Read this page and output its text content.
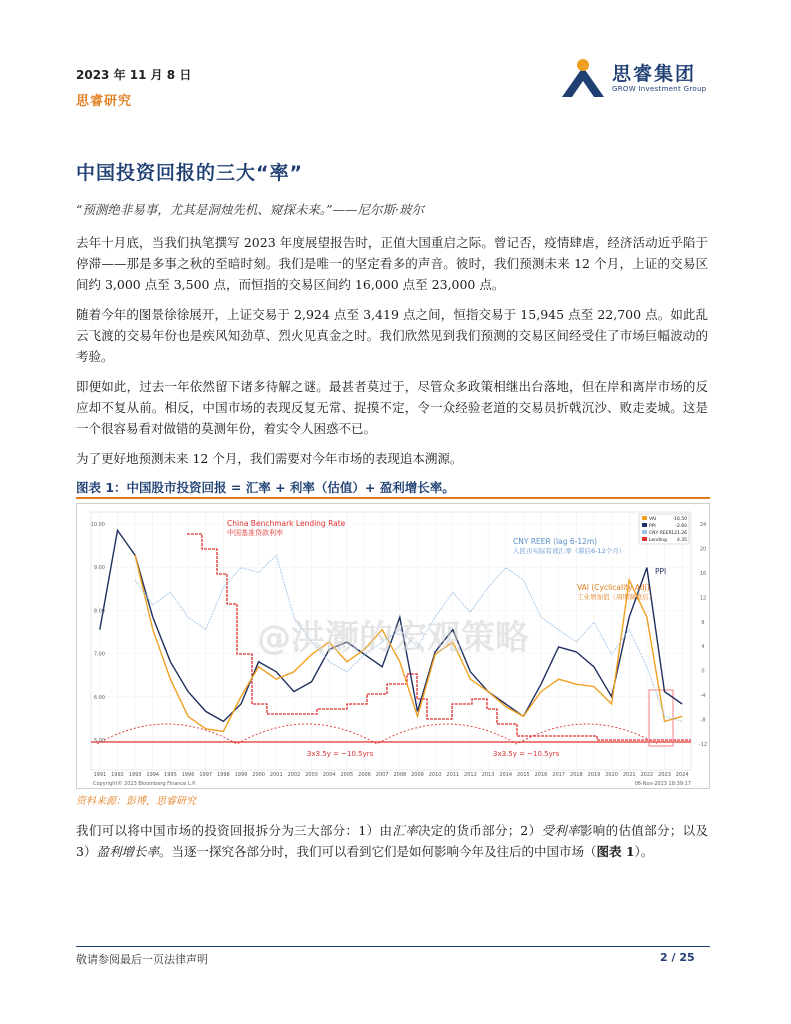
2023 年 11 月 8 日
思睿研究
思睿集团
GROW Investment Group
中国投资回报的三大“率”
“预测绝非易事，尤其是洞烛先机、窥探未来。”——尼尔斯·玻尔
去年十月底，当我们执笔撰写 2023 年度展望报告时，正值大国重启之际。曾记否，疫情肆虐，经济活动近乎陷于停滞——那是多事之秋的至暗时刻。我们是唯一的坚定看多的声音。彼时，我们预测未来 12 个月，上证的交易区间约 3,000 点至 3,500 点，而恒指的交易区间约 16,000 点至 23,000 点。
随着今年的图景徐徐展开，上证交易于 2,924 点至 3,419 点之间，恒指交易于 15,945 点至 22,700 点。如此乱云飞渡的交易年份也是疾风知劲草、烈火见真金之时。我们欣然见到我们预测的交易区间经受住了市场巨幅波动的考验。
即便如此，过去一年依然留下诸多待解之谜。最甚者莫过于，尽管众多政策相继出台落地，但在岸和离岸市场的反应却不复从前。相反，中国市场的表现反复无常、捉摸不定，令一众经验老道的交易员折戟沉沙、败走麦城。这是一个很容易看对做错的莫测年份，着实令人困惑不已。
为了更好地预测未来 12 个月，我们需要对今年市场的表现追本溯源。
图表 1：中国股市投资回报 = 汇率 + 利率（估值）+ 盈利增长率。
@洪灏的宏观策略
China Benchmark Lending Rate
中国基准贷款利率
CNY REER (lag 6-12m)
人民币实际有效汇率（滞后6-12个月）
PPI
VAI (Cyclicality Adj)
工业增加值（周期调整后）
3x3.5y = ~10.5yrs	3x3.5y = ~10.5yrs
VAI	-16.50
PPI	-2.60
CNY REER 121.26
Lending 4.35
1991 1992 1993 1994 1995 1996 1997 1998 1999 2000 2001 2002 2003 2004 2005 2006 2007 2008 2009 2010 2011 2012 2013 2014 2015 2016 2017 2018 2019 2020 2021 2022 2023 2024
10.00
9.00
8.00
7.00
6.00
5.00
24
20
16
12
8
4
0
-4
-8
-12
Copyright© 2023 Bloomberg Finance L.P.	08-Nov-2023 18:39:17
资料来源：彭博，思睿研究
我们可以将中国市场的投资回报拆分为三大部分：1）由汇率决定的货币部分；2）受利率影响的估值部分；以及 3）盈利增长率。当逐一探究各部分时，我们可以看到它们是如何影响今年及往后的中国市场（图表 1）。
敬请参阅最后一页法律声明	2 / 25
